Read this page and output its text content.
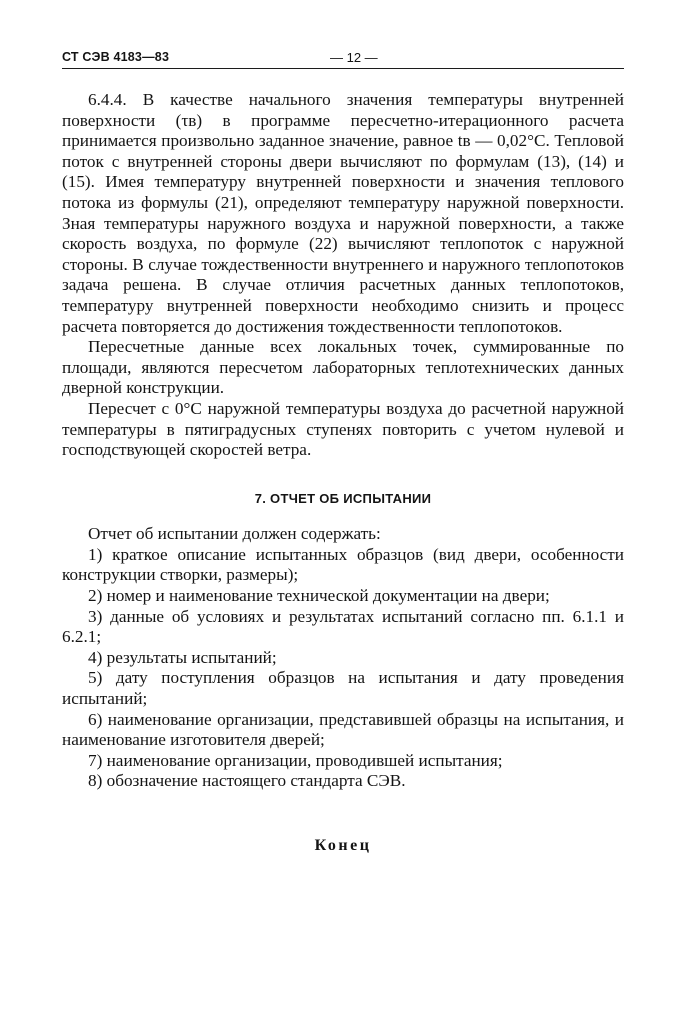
СТ СЭВ 4183—83	— 12 —

6.4.4. В качестве начального значения температуры внутренней поверхности (τв) в программе пересчетно-итерационного расчета принимается произвольно заданное значение, равное tв — 0,02°С. Тепловой поток с внутренней стороны двери вычисляют по формулам (13), (14) и (15). Имея температуру внутренней поверхности и значения теплового потока из формулы (21), определяют температуру наружной поверхности. Зная температуры наружного воздуха и наружной поверхности, а также скорость воздуха, по формуле (22) вычисляют теплопоток с наружной стороны. В случае тождественности внутреннего и наружного теплопотоков задача решена. В случае отличия расчетных данных теплопотоков, температуру внутренней поверхности необходимо снизить и процесс расчета повторяется до достижения тождественности теплопотоков.

Пересчетные данные всех локальных точек, суммированные по площади, являются пересчетом лабораторных теплотехнических данных дверной конструкции.

Пересчет с 0°С наружной температуры воздуха до расчетной наружной температуры в пятиградусных ступенях повторить с учетом нулевой и господствующей скоростей ветра.

7. ОТЧЕТ ОБ ИСПЫТАНИИ

Отчет об испытании должен содержать:

1) краткое описание испытанных образцов (вид двери, особенности конструкции створки, размеры);

2) номер и наименование технической документации на двери;

3) данные об условиях и результатах испытаний согласно пп. 6.1.1 и 6.2.1;

4) результаты испытаний;

5) дату поступления образцов на испытания и дату проведения испытаний;

6) наименование организации, представившей образцы на испытания, и наименование изготовителя дверей;

7) наименование организации, проводившей испытания;

8) обозначение настоящего стандарта СЭВ.

Конец
